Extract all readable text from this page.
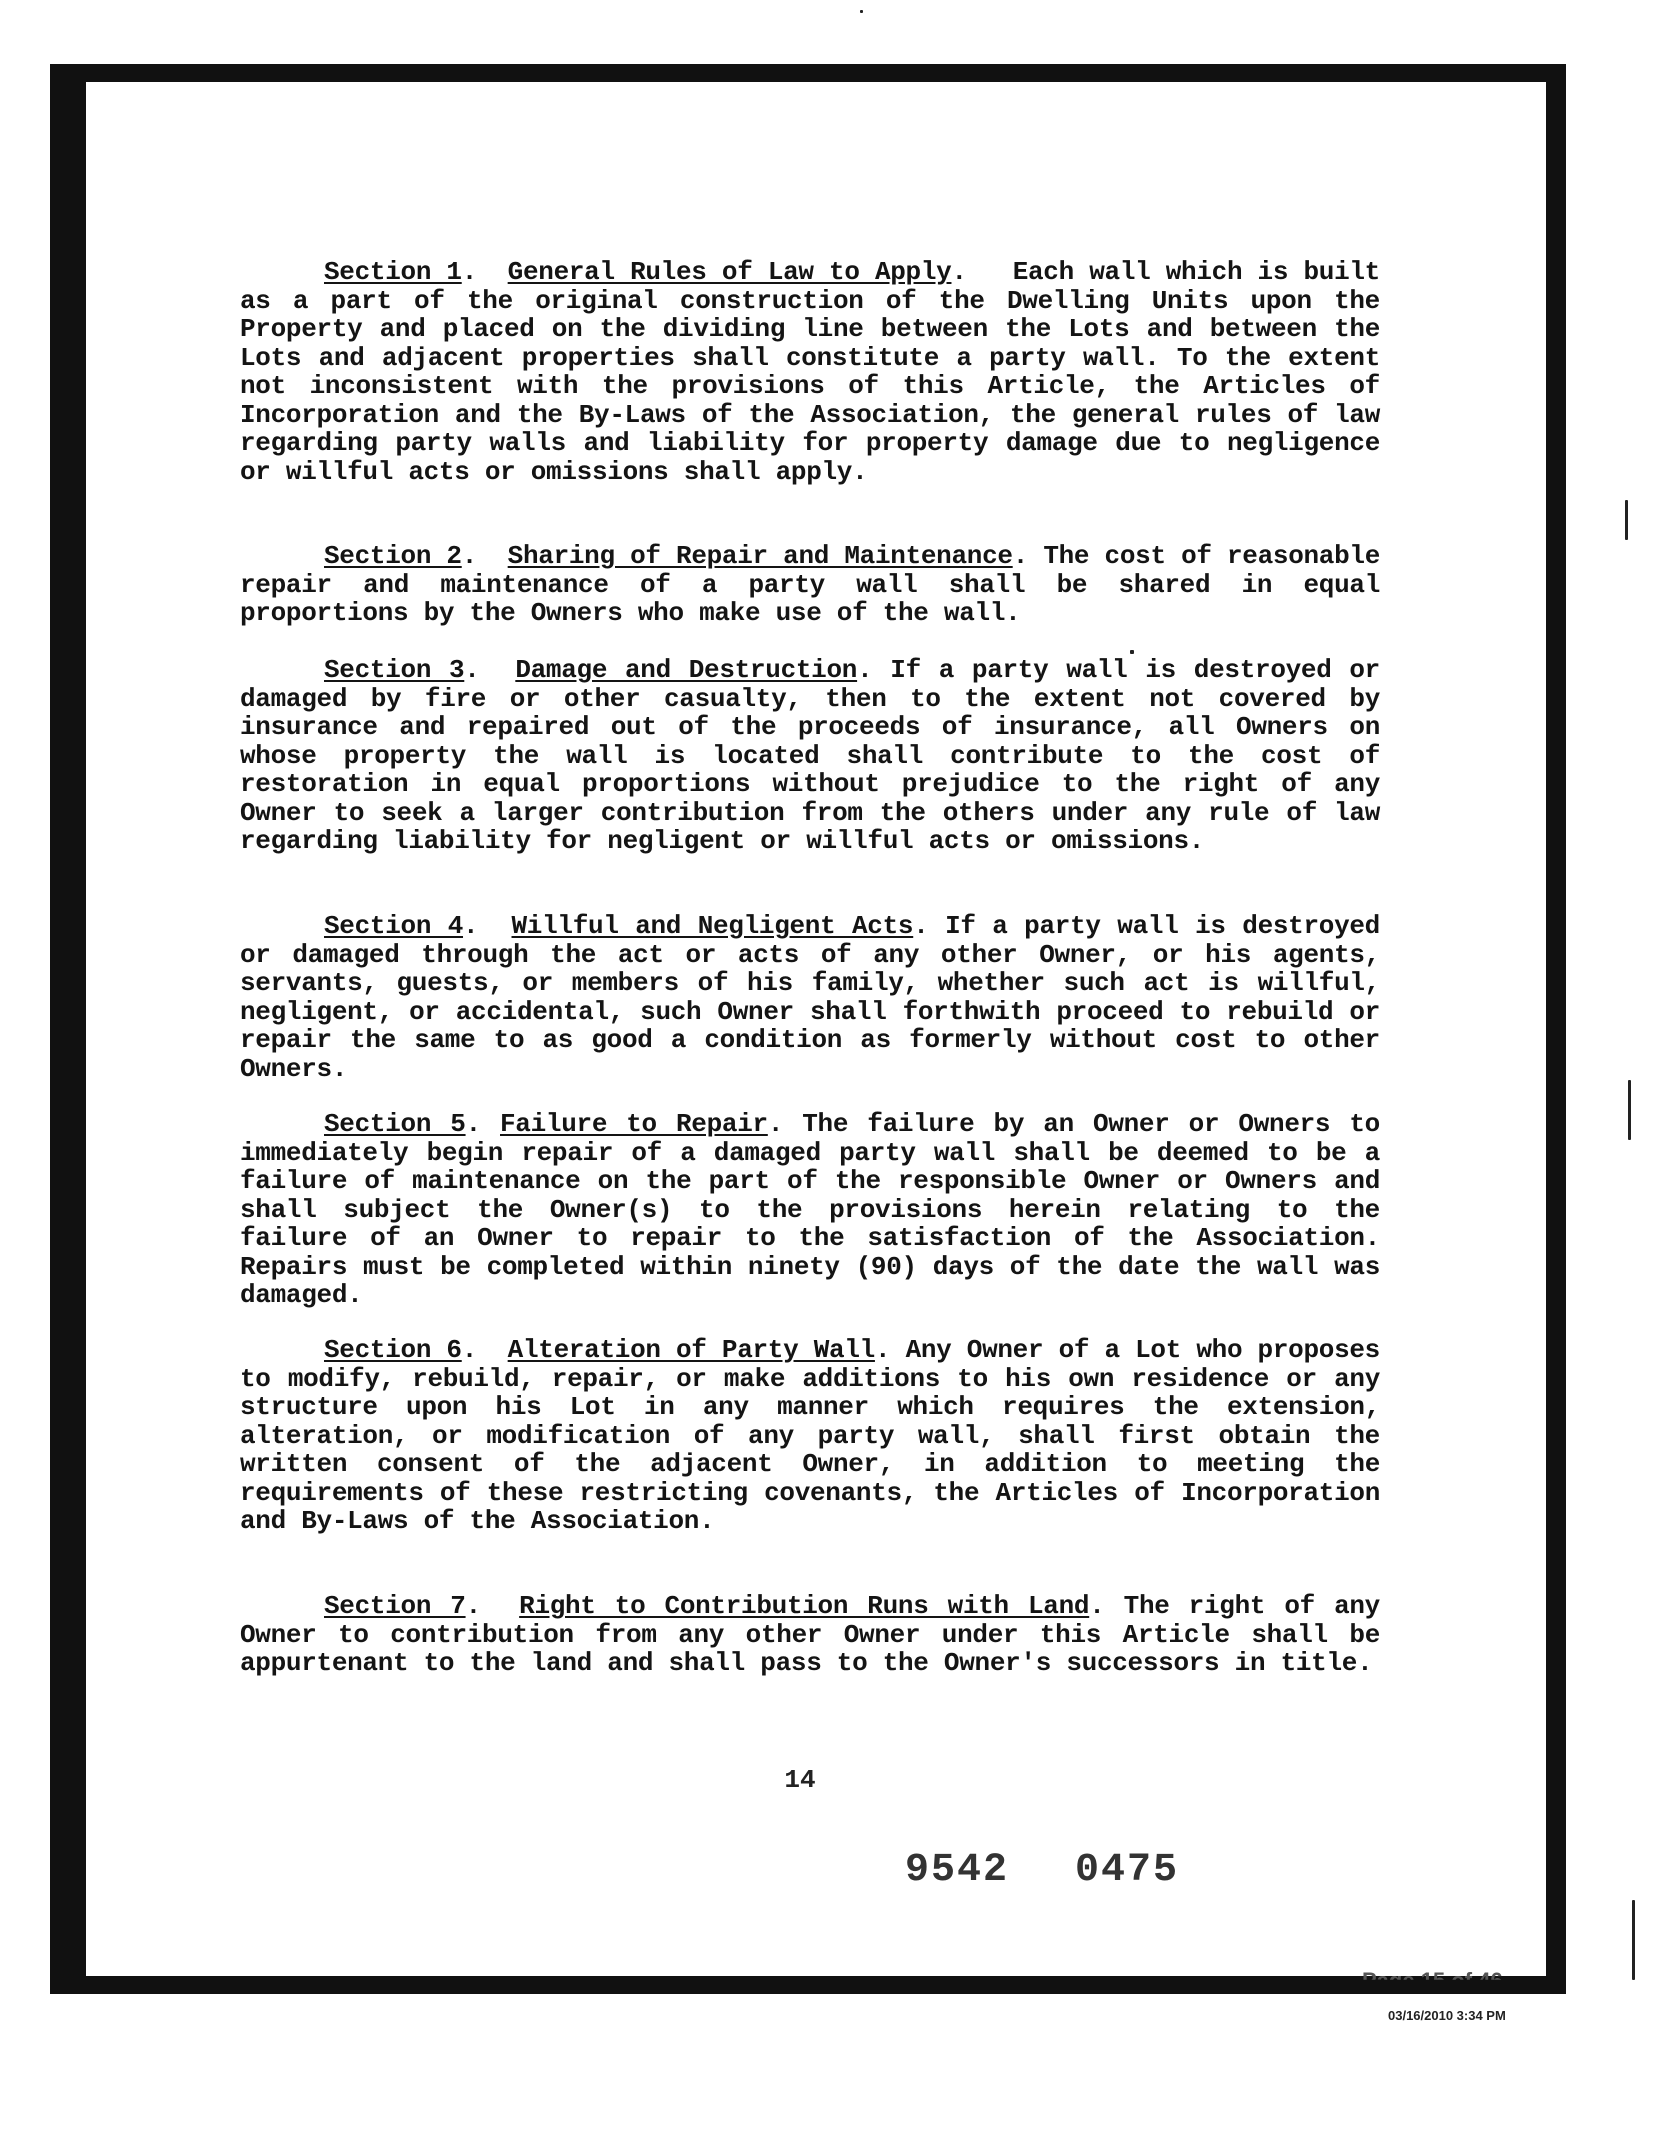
Section 1.  General Rules of Law to Apply.   Each wall which is built as a part of the original construction of the Dwelling Units upon the Property and placed on the dividing line between the Lots and between the Lots and adjacent properties shall constitute a party wall. To the extent not inconsistent with the provisions of this Article, the Articles of Incorporation and the By-Laws of the Association, the general rules of law regarding party walls and liability for property damage due to negligence or willful acts or omissions shall apply.
Section 2.  Sharing of Repair and Maintenance. The cost of reasonable repair and maintenance of a party wall shall be shared in equal proportions by the Owners who make use of the wall.
Section 3.  Damage and Destruction. If a party wall is destroyed or damaged by fire or other casualty, then to the extent not covered by insurance and repaired out of the proceeds of insurance, all Owners on whose property the wall is located shall contribute to the cost of restoration in equal proportions without prejudice to the right of any Owner to seek a larger contribution from the others under any rule of law regarding liability for negligent or willful acts or omissions.
Section 4.  Willful and Negligent Acts. If a party wall is destroyed or damaged through the act or acts of any other Owner, or his agents, servants, guests, or members of his family, whether such act is willful, negligent, or accidental, such Owner shall forthwith proceed to rebuild or repair the same to as good a condition as formerly without cost to other Owners.
Section 5. Failure to Repair. The failure by an Owner or Owners to immediately begin repair of a damaged party wall shall be deemed to be a failure of maintenance on the part of the responsible Owner or Owners and shall subject the Owner(s) to the provisions herein relating to the failure of an Owner to repair to the satisfaction of the Association. Repairs must be completed within ninety (90) days of the date the wall was damaged.
Section 6.  Alteration of Party Wall. Any Owner of a Lot who proposes to modify, rebuild, repair, or make additions to his own residence or any structure upon his Lot in any manner which requires the extension, alteration, or modification of any party wall, shall first obtain the written consent of the adjacent Owner, in addition to meeting the requirements of these restricting covenants, the Articles of Incorporation and By-Laws of the Association.
Section 7.  Right to Contribution Runs with Land. The right of any Owner to contribution from any other Owner under this Article shall be appurtenant to the land and shall pass to the Owner's successors in title.
14
9542 0475
03/16/2010 3:34 PM
